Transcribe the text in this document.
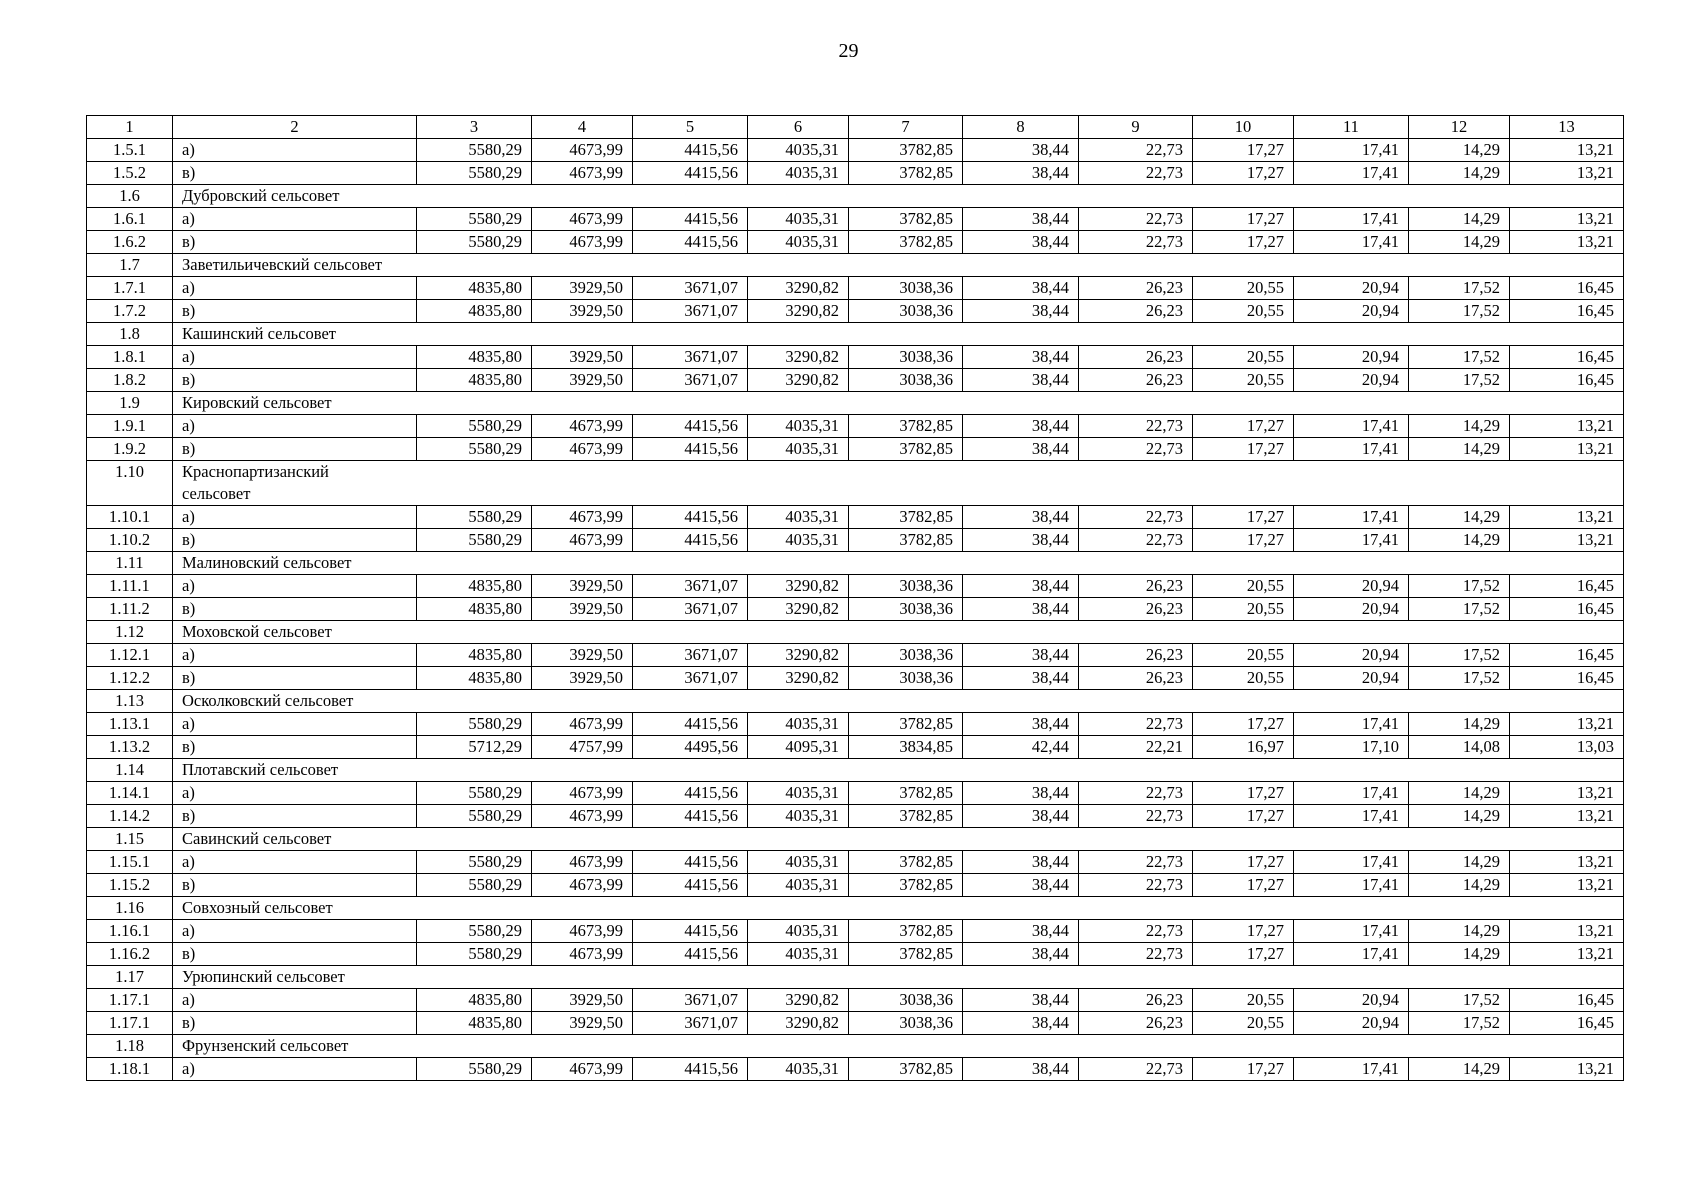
29
1	2	3	4	5	6	7	8	9	10	11	12	13
1.5.1	а)	5580,29	4673,99	4415,56	4035,31	3782,85	38,44	22,73	17,27	17,41	14,29	13,21
1.5.2	в)	5580,29	4673,99	4415,56	4035,31	3782,85	38,44	22,73	17,27	17,41	14,29	13,21
1.6	Дубровский сельсовет											
1.6.1	а)	5580,29	4673,99	4415,56	4035,31	3782,85	38,44	22,73	17,27	17,41	14,29	13,21
1.6.2	в)	5580,29	4673,99	4415,56	4035,31	3782,85	38,44	22,73	17,27	17,41	14,29	13,21
1.7	Заветильичевский сельсовет											
1.7.1	а)	4835,80	3929,50	3671,07	3290,82	3038,36	38,44	26,23	20,55	20,94	17,52	16,45
1.7.2	в)	4835,80	3929,50	3671,07	3290,82	3038,36	38,44	26,23	20,55	20,94	17,52	16,45
1.8	Кашинский сельсовет											
1.8.1	а)	4835,80	3929,50	3671,07	3290,82	3038,36	38,44	26,23	20,55	20,94	17,52	16,45
1.8.2	в)	4835,80	3929,50	3671,07	3290,82	3038,36	38,44	26,23	20,55	20,94	17,52	16,45
1.9	Кировский сельсовет											
1.9.1	а)	5580,29	4673,99	4415,56	4035,31	3782,85	38,44	22,73	17,27	17,41	14,29	13,21
1.9.2	в)	5580,29	4673,99	4415,56	4035,31	3782,85	38,44	22,73	17,27	17,41	14,29	13,21
1.10	Краснопартизанский сельсовет											

1.10.1	а)	5580,29	4673,99	4415,56	4035,31	3782,85	38,44	22,73	17,27	17,41	14,29	13,21
1.10.2	в)	5580,29	4673,99	4415,56	4035,31	3782,85	38,44	22,73	17,27	17,41	14,29	13,21
1.11	Малиновский сельсовет											
1.11.1	а)	4835,80	3929,50	3671,07	3290,82	3038,36	38,44	26,23	20,55	20,94	17,52	16,45
1.11.2	в)	4835,80	3929,50	3671,07	3290,82	3038,36	38,44	26,23	20,55	20,94	17,52	16,45
1.12	Моховской сельсовет											
1.12.1	а)	4835,80	3929,50	3671,07	3290,82	3038,36	38,44	26,23	20,55	20,94	17,52	16,45
1.12.2	в)	4835,80	3929,50	3671,07	3290,82	3038,36	38,44	26,23	20,55	20,94	17,52	16,45
1.13	Осколковский сельсовет											
1.13.1	а)	5580,29	4673,99	4415,56	4035,31	3782,85	38,44	22,73	17,27	17,41	14,29	13,21
1.13.2	в)	5712,29	4757,99	4495,56	4095,31	3834,85	42,44	22,21	16,97	17,10	14,08	13,03
1.14	Плотавский сельсовет											
1.14.1	а)	5580,29	4673,99	4415,56	4035,31	3782,85	38,44	22,73	17,27	17,41	14,29	13,21
1.14.2	в)	5580,29	4673,99	4415,56	4035,31	3782,85	38,44	22,73	17,27	17,41	14,29	13,21
1.15	Савинский сельсовет											
1.15.1	а)	5580,29	4673,99	4415,56	4035,31	3782,85	38,44	22,73	17,27	17,41	14,29	13,21
1.15.2	в)	5580,29	4673,99	4415,56	4035,31	3782,85	38,44	22,73	17,27	17,41	14,29	13,21
1.16	Совхозный сельсовет											
1.16.1	а)	5580,29	4673,99	4415,56	4035,31	3782,85	38,44	22,73	17,27	17,41	14,29	13,21
1.16.2	в)	5580,29	4673,99	4415,56	4035,31	3782,85	38,44	22,73	17,27	17,41	14,29	13,21
1.17	Урюпинский сельсовет											
1.17.1	а)	4835,80	3929,50	3671,07	3290,82	3038,36	38,44	26,23	20,55	20,94	17,52	16,45
1.17.1	в)	4835,80	3929,50	3671,07	3290,82	3038,36	38,44	26,23	20,55	20,94	17,52	16,45
1.18	Фрунзенский сельсовет											
1.18.1	а)	5580,29	4673,99	4415,56	4035,31	3782,85	38,44	22,73	17,27	17,41	14,29	13,21
